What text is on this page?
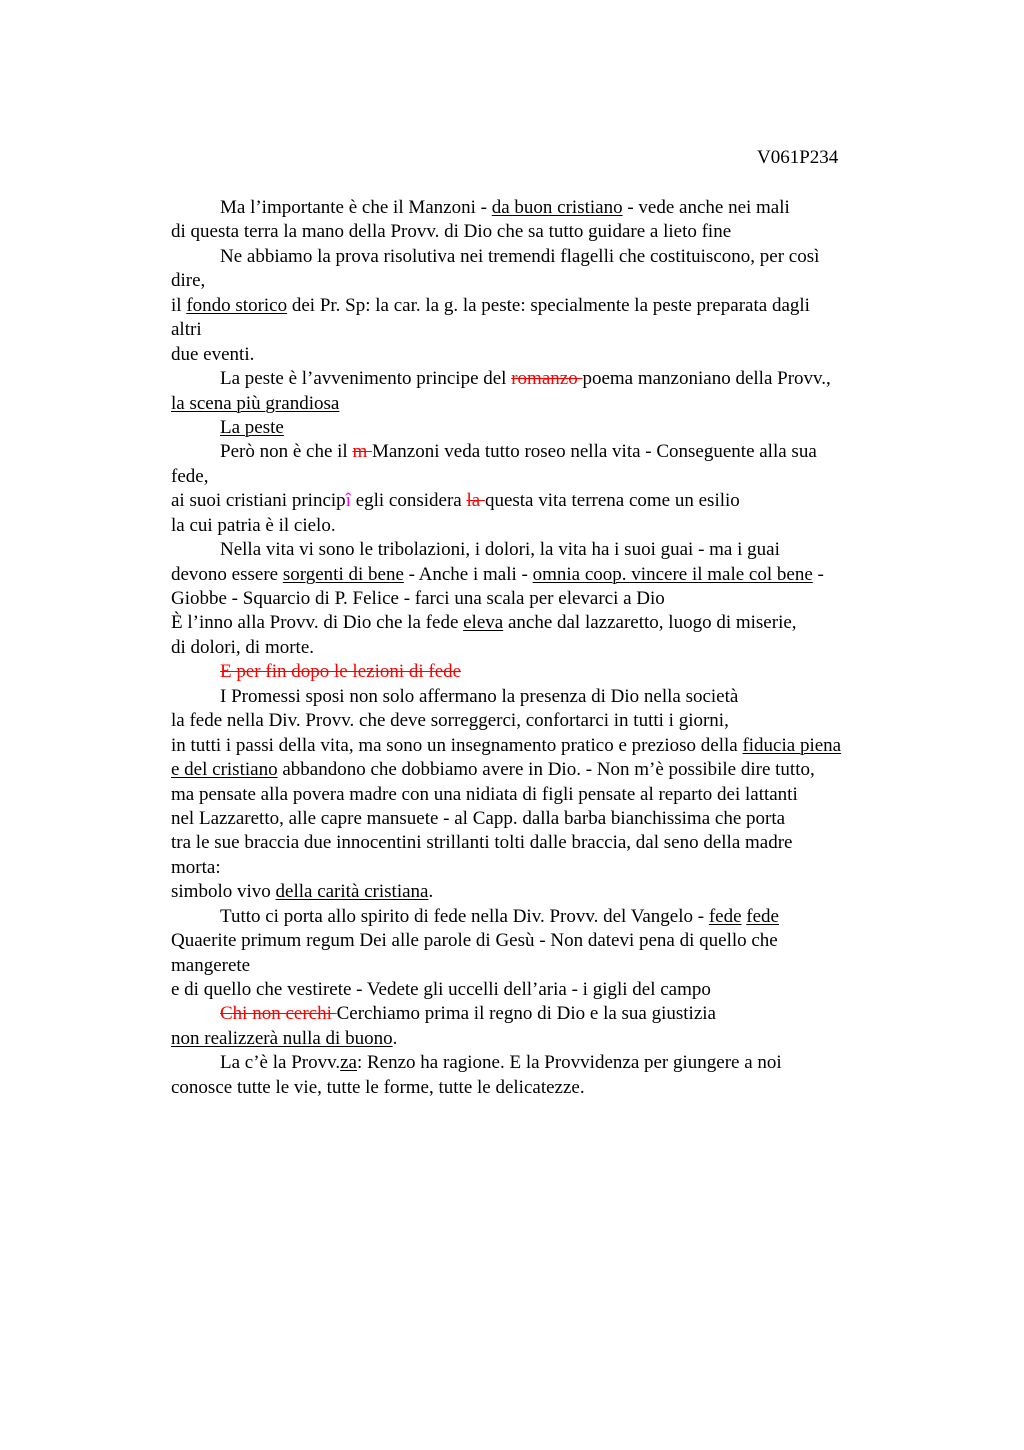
V061P234
Ma l’importante è che il Manzoni - da buon cristiano - vede anche nei mali
di questa terra la mano della Provv. di Dio che sa tutto guidare a lieto fine
Ne abbiamo la prova risolutiva nei tremendi flagelli che costituiscono, per così
dire,
il fondo storico dei Pr. Sp: la car. la g. la peste: specialmente la peste preparata dagli
altri
due eventi.
La peste è l’avvenimento principe del romanzo poema manzoniano della Provv.,
la scena più grandiosa
La peste
Però non è che il m Manzoni veda tutto roseo nella vita - Conseguente alla sua
fede,
ai suoi cristiani principî egli considera la questa vita terrena come un esilio
la cui patria è il cielo.
Nella vita vi sono le tribolazioni, i dolori, la vita ha i suoi guai - ma i guai
devono essere sorgenti di bene - Anche i mali - omnia coop. vincere il male col bene -
Giobbe - Squarcio di P. Felice - farci una scala per elevarci a Dio
È l’inno alla Provv. di Dio che la fede eleva anche dal lazzaretto, luogo di miserie,
di dolori, di morte.
E per fin dopo le lezioni di fede
I Promessi sposi non solo affermano la presenza di Dio nella società
la fede nella Div. Provv. che deve sorreggerci, confortarci in tutti i giorni,
in tutti i passi della vita, ma sono un insegnamento pratico e prezioso della fiducia piena
e del cristiano abbandono che dobbiamo avere in Dio. - Non m’è possibile dire tutto,
ma pensate alla povera madre con una nidiata di figli pensate al reparto dei lattanti
nel Lazzaretto, alle capre mansuete - al Capp. dalla barba bianchissima che porta
tra le sue braccia due innocentini strillanti tolti dalle braccia, dal seno della madre
morta:
simbolo vivo della carità cristiana.
Tutto ci porta allo spirito di fede nella Div. Provv. del Vangelo - fede fede
Quaerite primum regum Dei alle parole di Gesù - Non datevi pena di quello che
mangerete
e di quello che vestirete - Vedete gli uccelli dell’aria - i gigli del campo
Chi non cerchi Cerchiamo prima il regno di Dio e la sua giustizia
non realizzerà nulla di buono.
La c’è la Provv.za: Renzo ha ragione. E la Provvidenza per giungere a noi
conosce tutte le vie, tutte le forme, tutte le delicatezze.
